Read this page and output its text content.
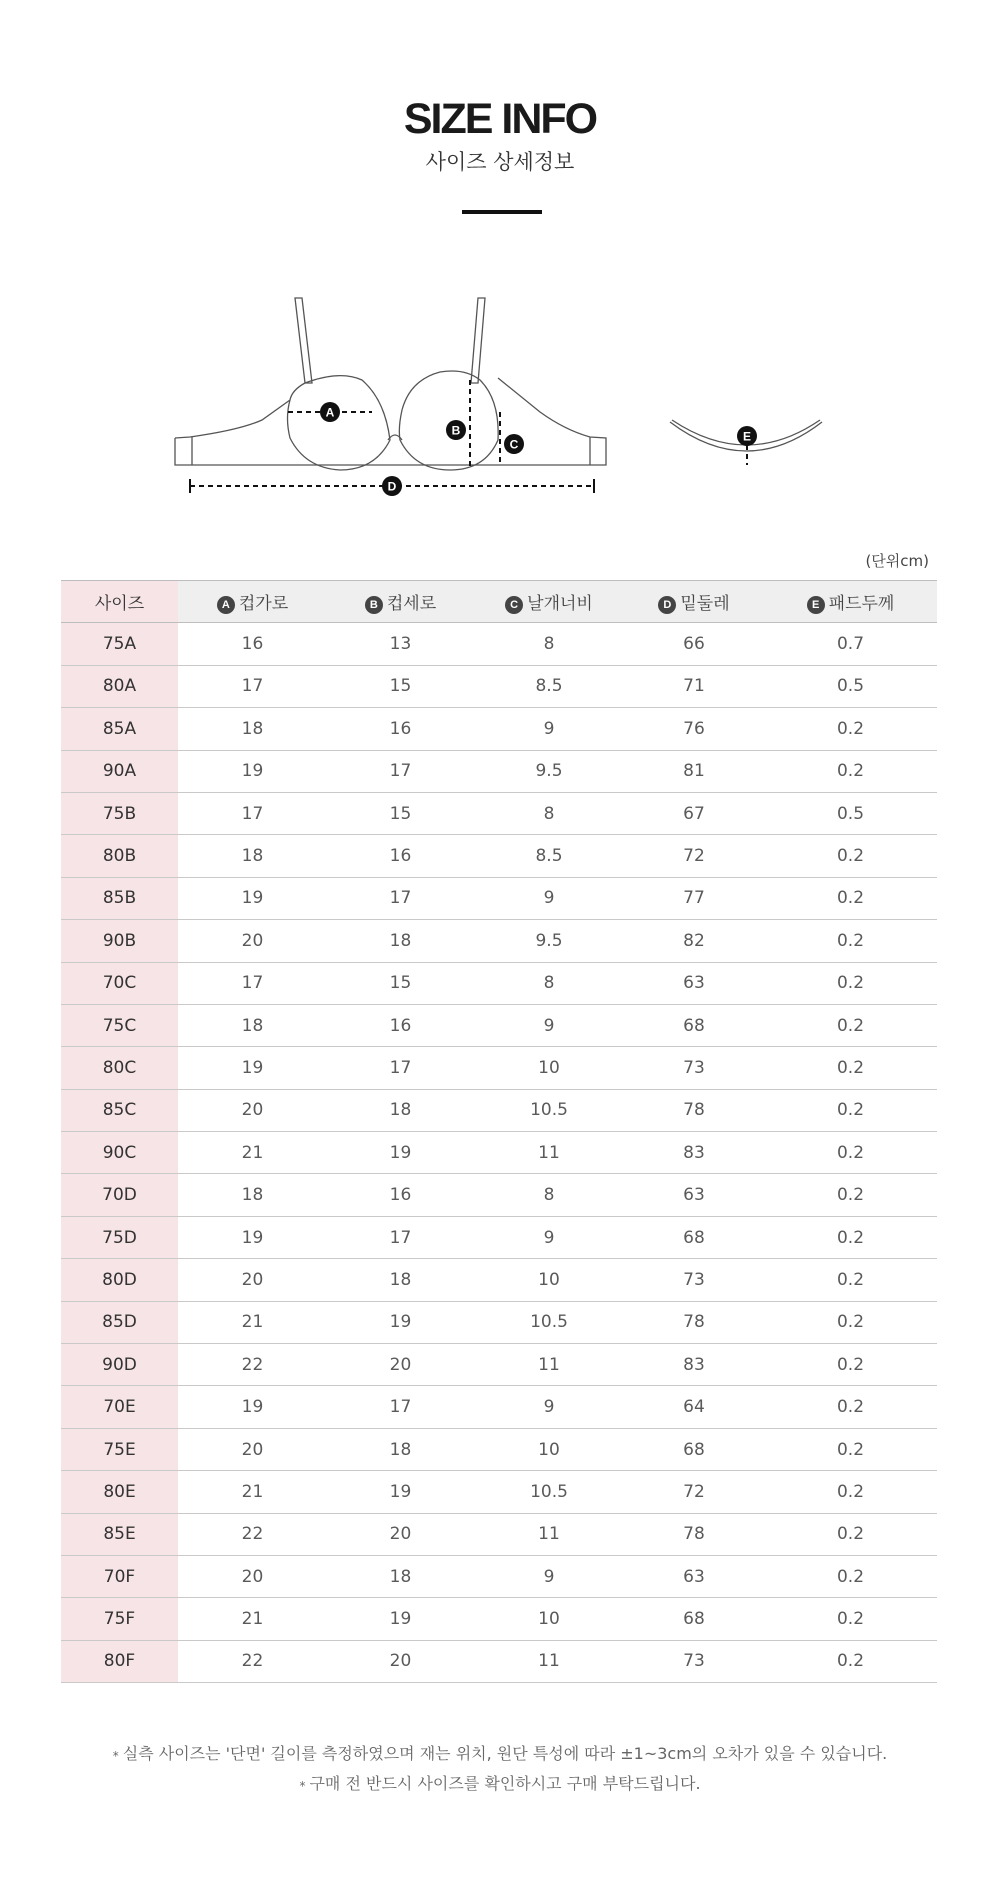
SIZE INFO
사이즈 상세정보
A
B
C
D
E
(단위cm)
사이즈	A 컵가로	B 컵세로	C 날개너비	D 밑둘레	E 패드두께
75A	16	13	8	66	0.7
80A	17	15	8.5	71	0.5
85A	18	16	9	76	0.2
90A	19	17	9.5	81	0.2
75B	17	15	8	67	0.5
80B	18	16	8.5	72	0.2
85B	19	17	9	77	0.2
90B	20	18	9.5	82	0.2
70C	17	15	8	63	0.2
75C	18	16	9	68	0.2
80C	19	17	10	73	0.2
85C	20	18	10.5	78	0.2
90C	21	19	11	83	0.2
70D	18	16	8	63	0.2
75D	19	17	9	68	0.2
80D	20	18	10	73	0.2
85D	21	19	10.5	78	0.2
90D	22	20	11	83	0.2
70E	19	17	9	64	0.2
75E	20	18	10	68	0.2
80E	21	19	10.5	72	0.2
85E	22	20	11	78	0.2
70F	20	18	9	63	0.2
75F	21	19	10	68	0.2
80F	22	20	11	73	0.2
* 실측 사이즈는 '단면' 길이를 측정하였으며 재는 위치, 원단 특성에 따라 ±1~3cm의 오차가 있을 수 있습니다.
* 구매 전 반드시 사이즈를 확인하시고 구매 부탁드립니다.
